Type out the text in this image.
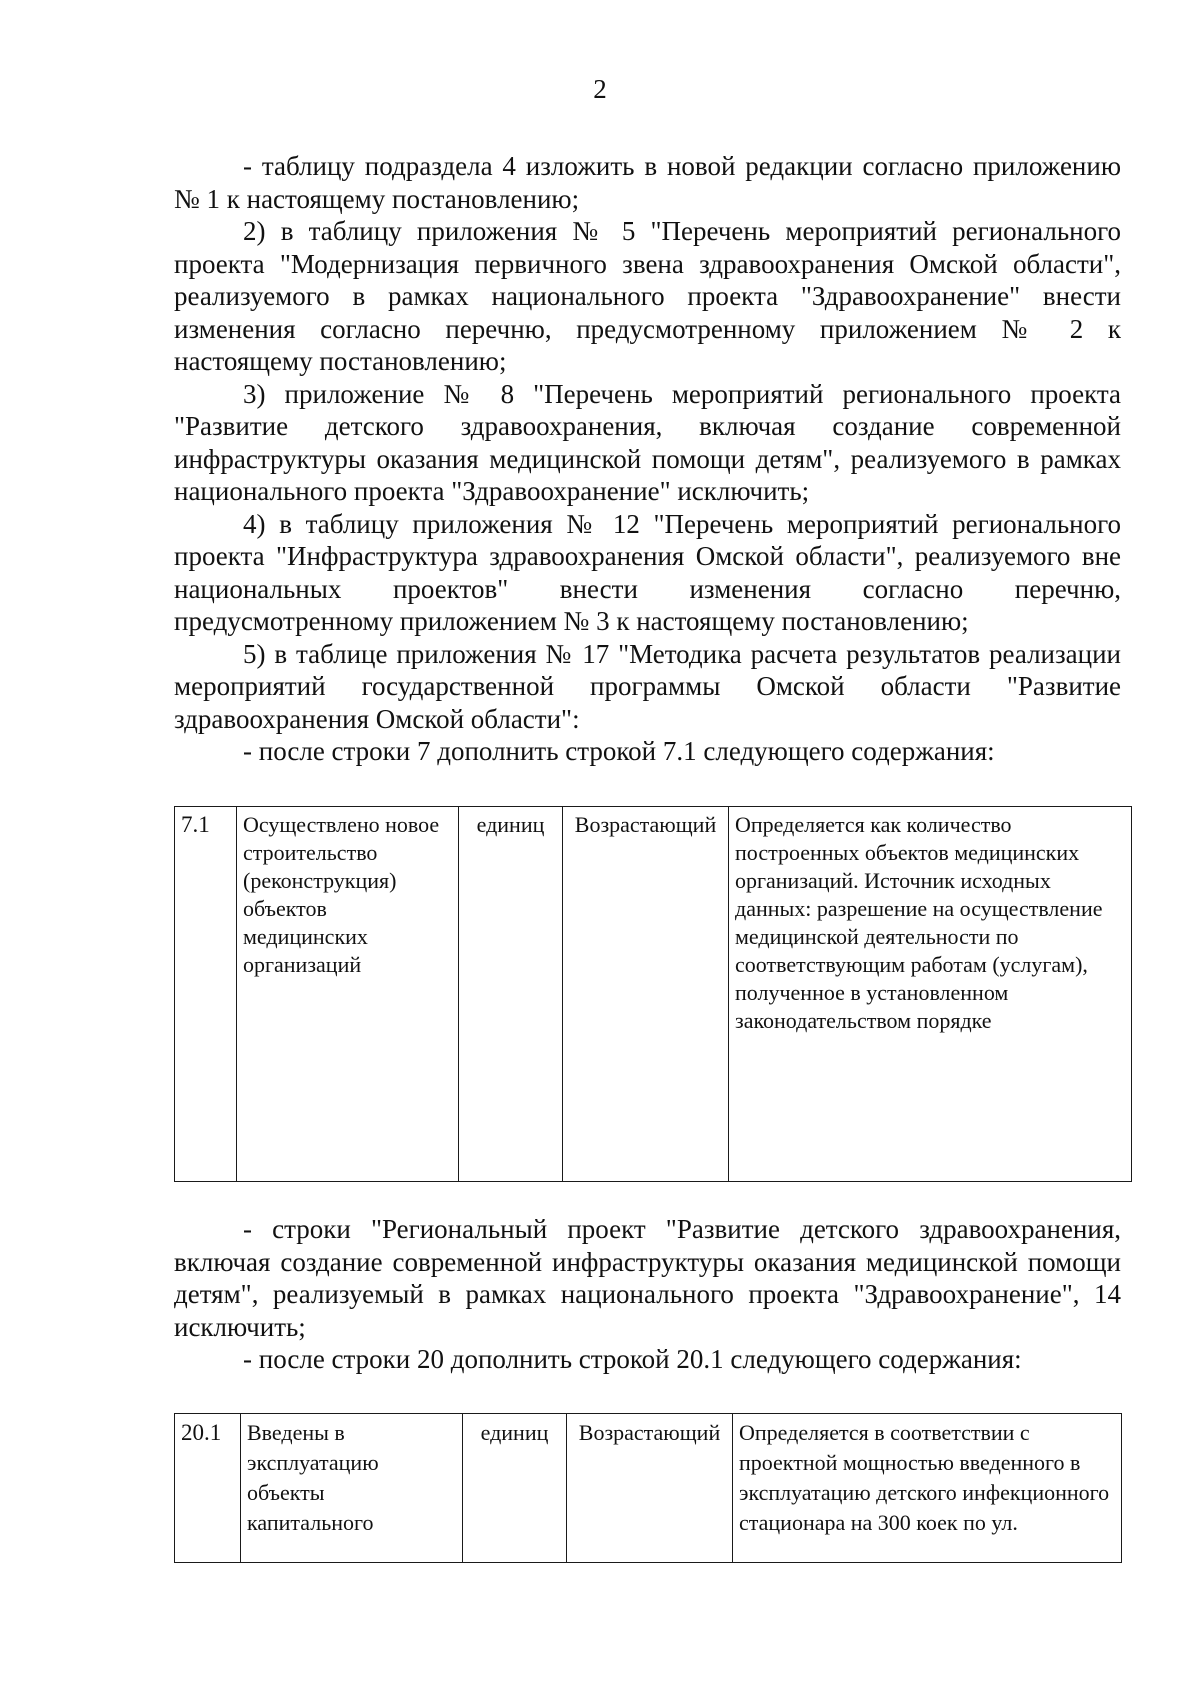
2
- таблицу подраздела 4 изложить в новой редакции согласно приложению № 1 к настоящему постановлению;
2) в таблицу приложения № 5 "Перечень мероприятий регионального проекта "Модернизация первичного звена здравоохранения Омской области", реализуемого в рамках национального проекта "Здравоохранение" внести изменения согласно перечню, предусмотренному приложением № 2 к настоящему постановлению;
3) приложение № 8 "Перечень мероприятий регионального проекта "Развитие детского здравоохранения, включая создание современной инфраструктуры оказания медицинской помощи детям", реализуемого в рамках национального проекта "Здравоохранение" исключить;
4) в таблицу приложения № 12 "Перечень мероприятий регионального проекта "Инфраструктура здравоохранения Омской области", реализуемого вне национальных проектов" внести изменения согласно перечню, предусмотренному приложением № 3 к настоящему постановлению;
5) в таблице приложения № 17 "Методика расчета результатов реализации мероприятий государственной программы Омской области "Развитие здравоохранения Омской области":
- после строки 7 дополнить строкой 7.1 следующего содержания:
7.1	Осуществлено новое строительство (реконструкция) объектов медицинских организаций	единиц	Возрастающий	Определяется как количество построенных объектов медицинских организаций. Источник исходных данных: разрешение на осуществление медицинской деятельности по соответствующим работам (услугам), полученное в установленном законодательством порядке
- строки "Региональный проект "Развитие детского здравоохранения, включая создание современной инфраструктуры оказания медицинской помощи детям", реализуемый в рамках национального проекта "Здравоохранение", 14 исключить;
- после строки 20 дополнить строкой 20.1 следующего содержания:
20.1	Введены в эксплуатацию объекты капитального	единиц	Возрастающий	Определяется в соответствии с проектной мощностью введенного в эксплуатацию детского инфекционного стационара на 300 коек по ул.
